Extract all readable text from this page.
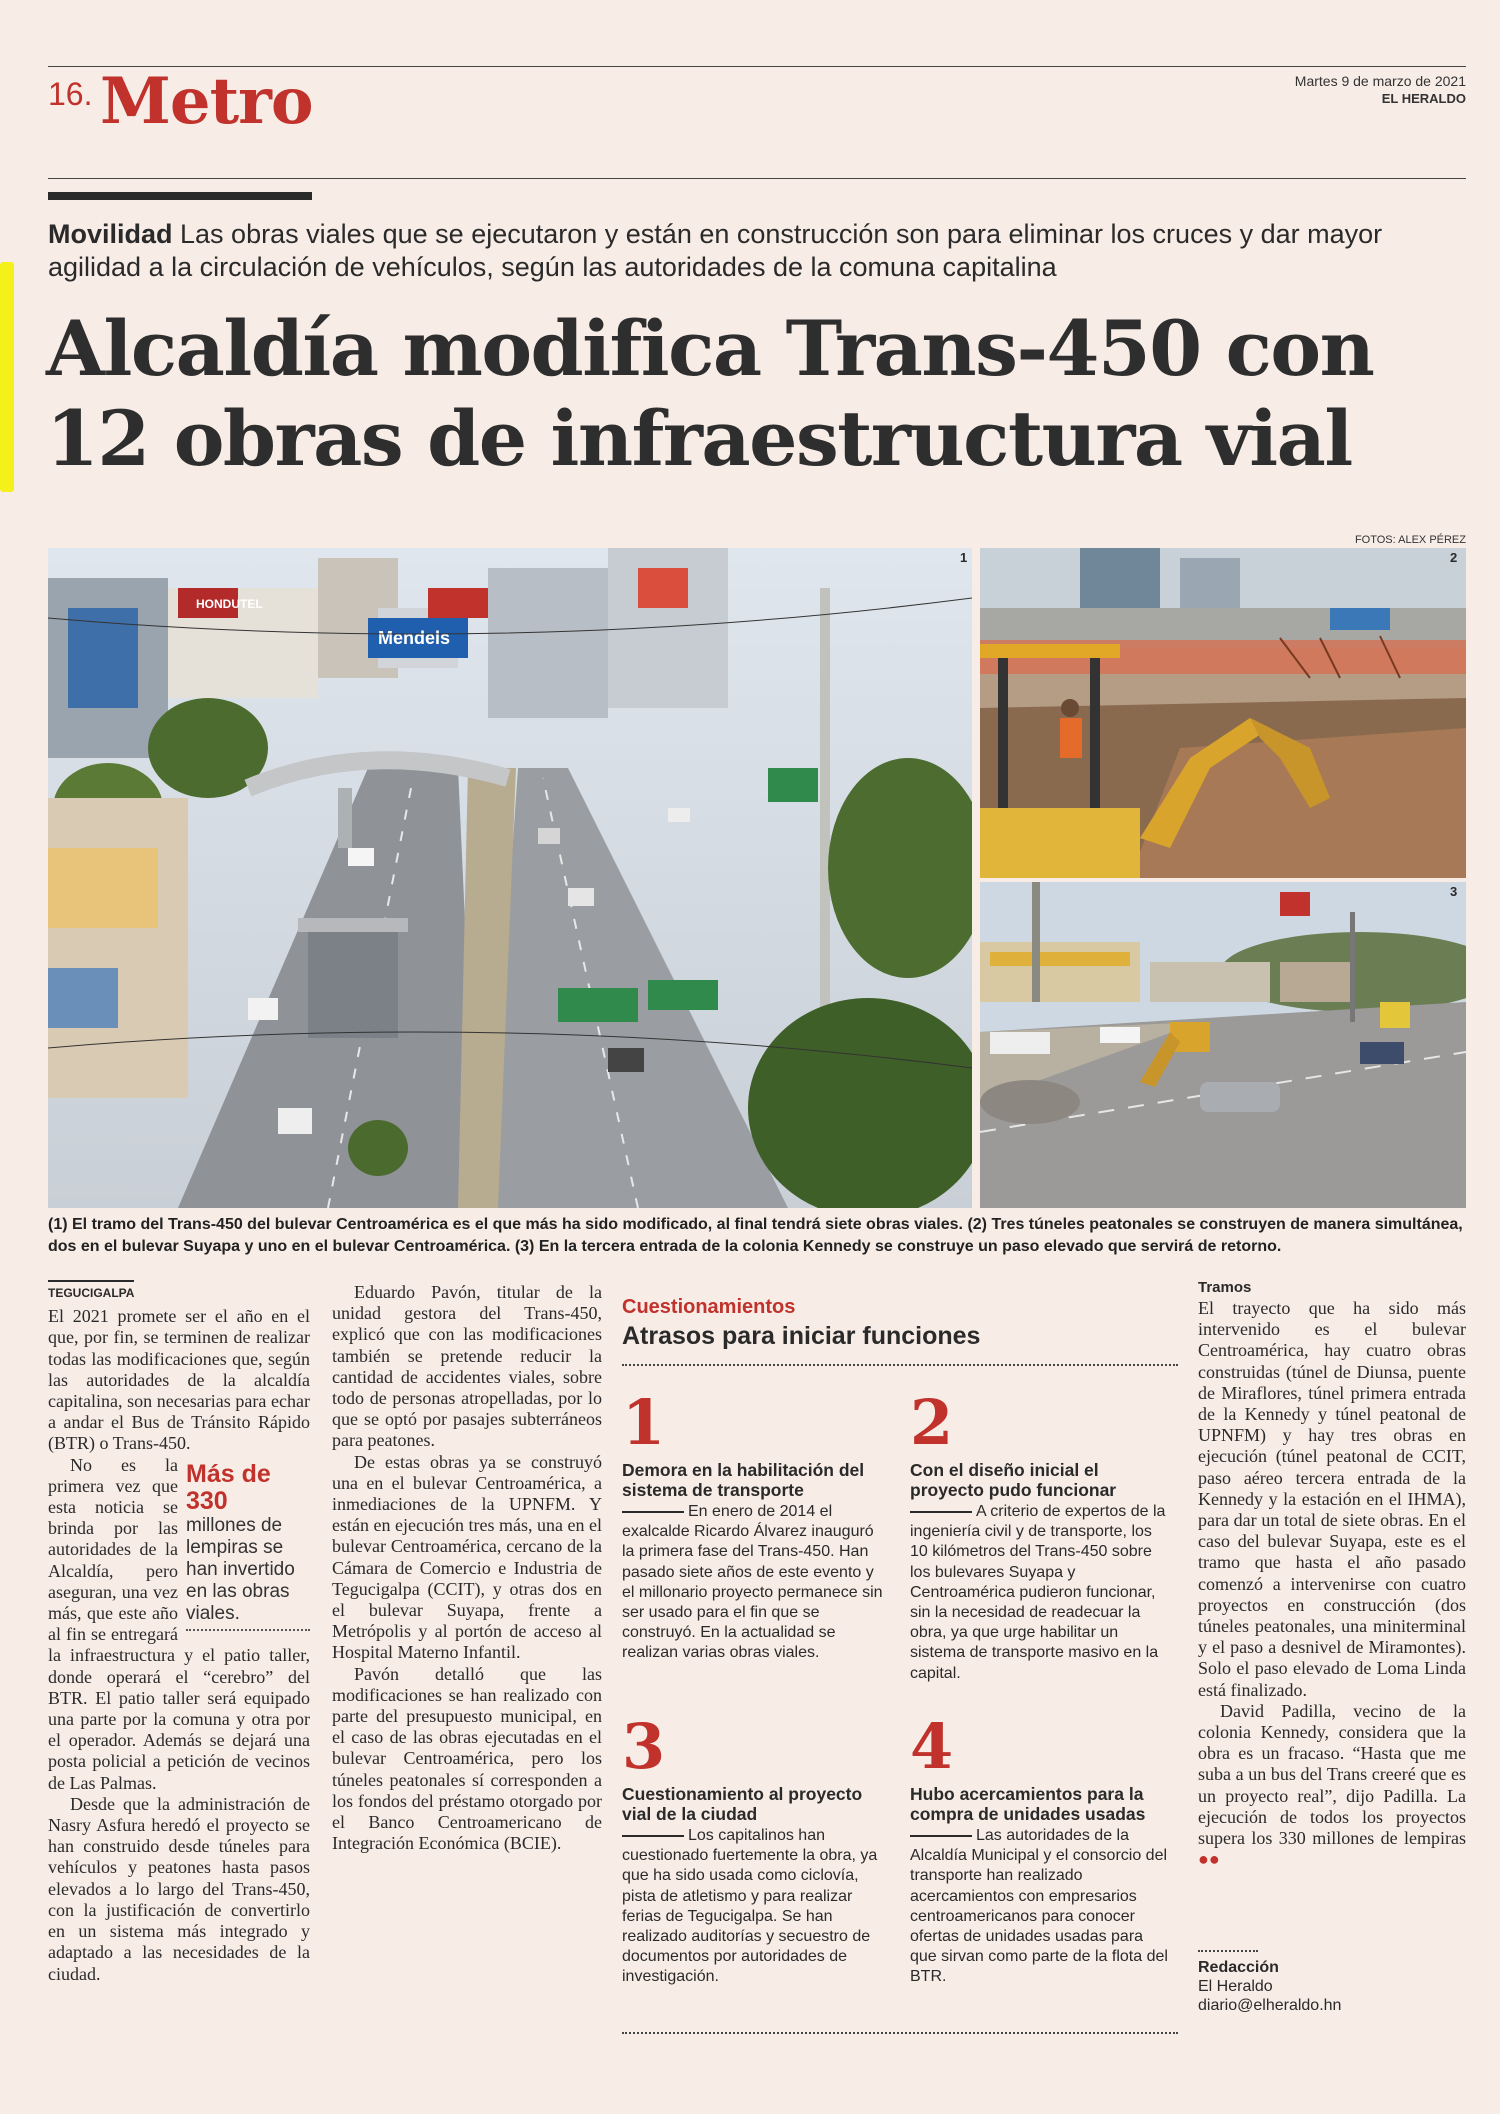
16. Metro	Martes 9 de marzo de 2021
EL HERALDO
Movilidad Las obras viales que se ejecutaron y están en construcción son para eliminar los cruces y dar mayor agilidad a la circulación de vehículos, según las autoridades de la comuna capitalina
Alcaldía modifica Trans-450 con 12 obras de infraestructura vial
FOTOS: ALEX PÉREZ
Mendels
HONDUTEL
1	2
3
(1) El tramo del Trans-450 del bulevar Centroamérica es el que más ha sido modificado, al final tendrá siete obras viales. (2) Tres túneles peatonales se construyen de manera simultánea, dos en el bulevar Suyapa y uno en el bulevar Centroamérica. (3) En la tercera entrada de la colonia Kennedy se construye un paso elevado que servirá de retorno.
TEGUCIGALPA

El 2021 promete ser el año en el que, por fin, se terminen de realizar todas las modificaciones que, según las autoridades de la alcaldía capitalina, son necesarias para echar a andar el Bus de Tránsito Rápido (BTR) o Trans-450.

Más de 330
millones de lempiras se han invertido en las obras viales.
No es la primera vez que esta noticia se brinda por las autoridades de la Alcaldía, pero aseguran, una vez más, que este año al fin se entregará la infraestructura y el patio taller, donde operará el “cerebro” del BTR. El patio taller será equipado una parte por la comuna y otra por el operador. Además se dejará una posta policial a petición de vecinos de Las Palmas.

Desde que la administración de Nasry Asfura heredó el proyecto se han construido desde túneles para vehículos y peatones hasta pasos elevados a lo largo del Trans-450, con la justificación de convertirlo en un sistema más integrado y adaptado a las necesidades de la ciudad.

Eduardo Pavón, titular de la unidad gestora del Trans-450, explicó que con las modificaciones también se pretende reducir la cantidad de accidentes viales, sobre todo de personas atropelladas, por lo que se optó por pasajes subterráneos para peatones.

De estas obras ya se construyó una en el bulevar Centroamérica, a inmediaciones de la UPNFM. Y están en ejecución tres más, una en el bulevar Centroamérica, cercano de la Cámara de Comercio e Industria de Tegucigalpa (CCIT), y otras dos en el bulevar Suyapa, frente a Metrópolis y al portón de acceso al Hospital Materno Infantil.

Pavón detalló que las modificaciones se han realizado con parte del presupuesto municipal, en el caso de las obras ejecutadas en el bulevar Centroamérica, pero los túneles peatonales sí corresponden a los fondos del préstamo otorgado por el Banco Centroamericano de Integración Económica (BCIE).

Cuestionamientos
Atrasos para iniciar funciones
1
Demora en la habilitación del sistema de transporte
En enero de 2014 el exalcalde Ricardo Álvarez inauguró la primera fase del Trans-450. Han pasado siete años de este evento y el millonario proyecto permanece sin ser usado para el fin que se construyó. En la actualidad se realizan varias obras viales.
2
Con el diseño inicial el proyecto pudo funcionar
A criterio de expertos de la ingeniería civil y de transporte, los 10 kilómetros del Trans-450 sobre los bulevares Suyapa y Centroamérica pudieron funcionar, sin la necesidad de readecuar la obra, ya que urge habilitar un sistema de transporte masivo en la capital.
3
Cuestionamiento al proyecto vial de la ciudad
Los capitalinos han cuestionado fuertemente la obra, ya que ha sido usada como ciclovía, pista de atletismo y para realizar ferias de Tegucigalpa. Se han realizado auditorías y secuestro de documentos por autoridades de investigación.
4
Hubo acercamientos para la compra de unidades usadas
Las autoridades de la Alcaldía Municipal y el consorcio del transporte han realizado acercamientos con empresarios centroamericanos para conocer ofertas de unidades usadas para que sirvan como parte de la flota del BTR.
Tramos

El trayecto que ha sido más intervenido es el bulevar Centroamérica, hay cuatro obras construidas (túnel de Diunsa, puente de Miraflores, túnel primera entrada de la Kennedy y túnel peatonal de UPNFM) y hay tres obras en ejecución (túnel peatonal de CCIT, paso aéreo tercera entrada de la Kennedy y la estación en el IHMA), para dar un total de siete obras. En el caso del bulevar Suyapa, este es el tramo que hasta el año pasado comenzó a intervenirse con cuatro proyectos en construcción (dos túneles peatonales, una miniterminal y el paso a desnivel de Miramontes). Solo el paso elevado de Loma Linda está finalizado.

David Padilla, vecino de la colonia Kennedy, considera que la obra es un fracaso. “Hasta que me suba a un bus del Trans creeré que es un proyecto real”, dijo Padilla. La ejecución de todos los proyectos supera los 330 millones de lempiras ●●

Redacción
El Heraldo
diario@elheraldo.hn
